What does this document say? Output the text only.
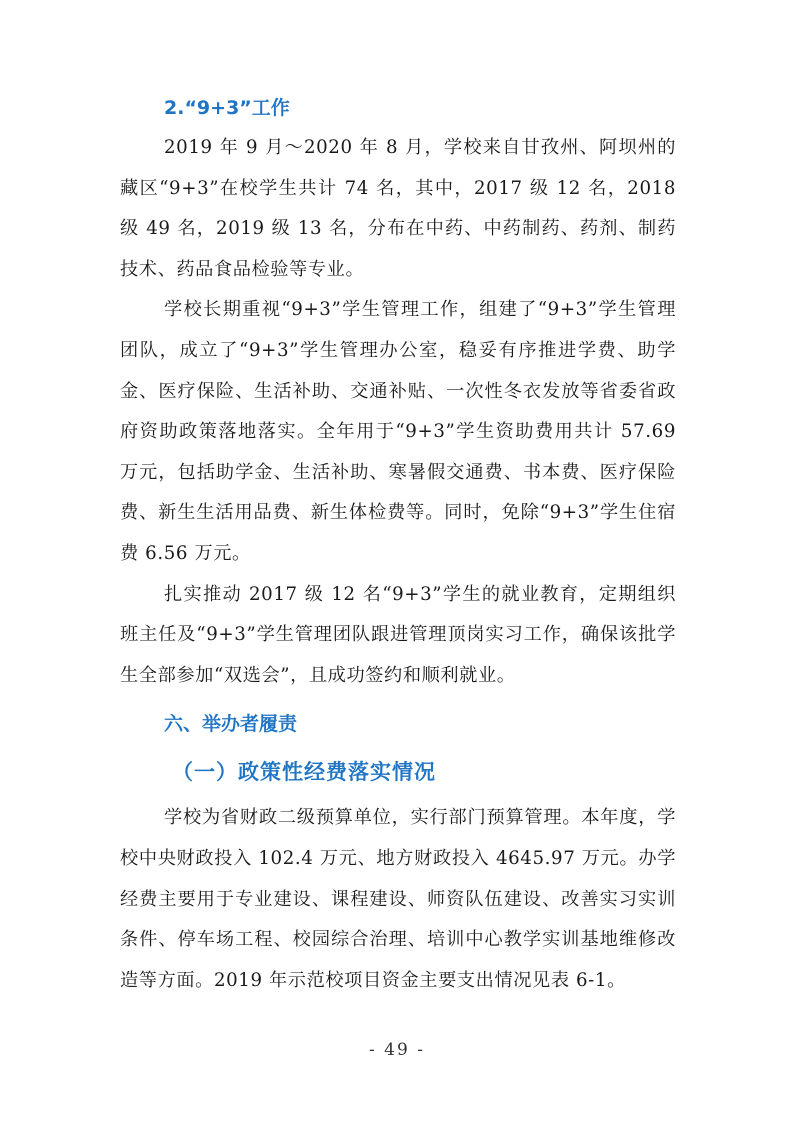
2.“9+3”工作

2019 年 9 月～2020 年 8 月，学校来自甘孜州、阿坝州的藏区“9+3”在校学生共计 74 名，其中，2017 级 12 名，2018 级 49 名，2019 级 13 名，分布在中药、中药制药、药剂、制药技术、药品食品检验等专业。

学校长期重视“9+3”学生管理工作，组建了“9+3”学生管理团队，成立了“9+3”学生管理办公室，稳妥有序推进学费、助学金、医疗保险、生活补助、交通补贴、一次性冬衣发放等省委省政府资助政策落地落实。全年用于“9+3”学生资助费用共计 57.69 万元，包括助学金、生活补助、寒暑假交通费、书本费、医疗保险费、新生生活用品费、新生体检费等。同时，免除“9+3”学生住宿费 6.56 万元。

扎实推动 2017 级 12 名“9+3”学生的就业教育，定期组织班主任及“9+3”学生管理团队跟进管理顶岗实习工作，确保该批学生全部参加“双选会”，且成功签约和顺利就业。

六、举办者履责
（一）政策性经费落实情况

学校为省财政二级预算单位，实行部门预算管理。本年度，学校中央财政投入 102.4 万元、地方财政投入 4645.97 万元。办学经费主要用于专业建设、课程建设、师资队伍建设、改善实习实训条件、停车场工程、校园综合治理、培训中心教学实训基地维修改造等方面。2019 年示范校项目资金主要支出情况见表 6-1。

- 49 -
